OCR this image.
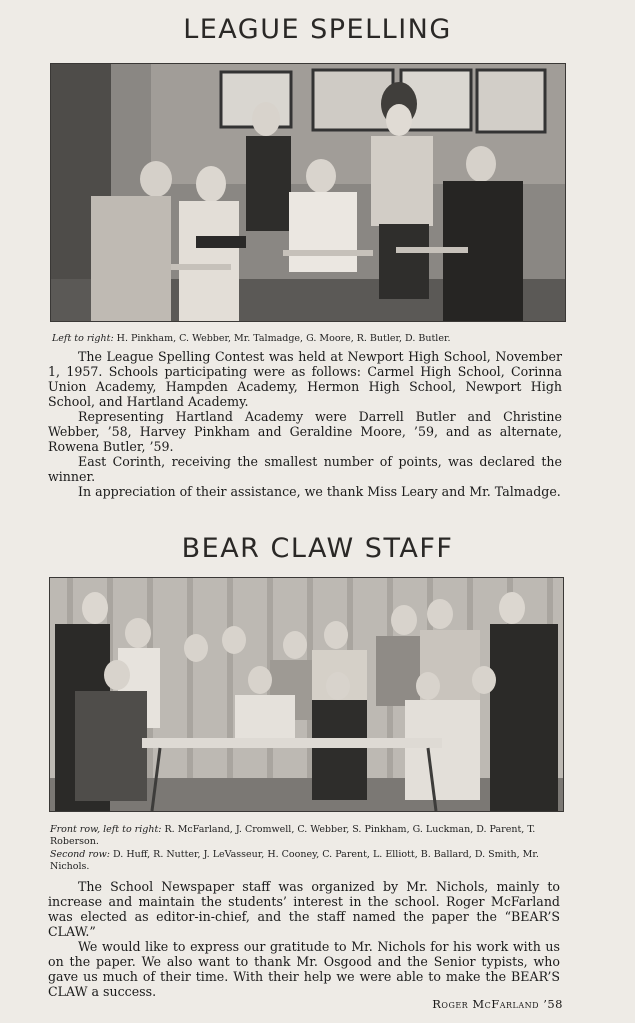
LEAGUE SPELLING
Left to right: H. Pinkham, C. Webber, Mr. Talmadge, G. Moore, R. Butler, D. Butler.

The League Spelling Contest was held at Newport High School, November 1, 1957. Schools participating were as follows: Carmel High School, Corinna Union Academy, Hampden Academy, Hermon High School, Newport High School, and Hartland Academy.

Representing Hartland Academy were Darrell Butler and Christine Webber, ’58, Harvey Pinkham and Geraldine Moore, ’59, and as alternate, Rowena Butler, ’59.

East Corinth, receiving the smallest number of points, was declared the winner.

In appreciation of their assistance, we thank Miss Leary and Mr. Talmadge.

BEAR CLAW STAFF
Front row, left to right: R. McFarland, J. Cromwell, C. Webber, S. Pinkham, G. Luckman, D. Parent, T. Roberson.
Second row: D. Huff, R. Nutter, J. LeVasseur, H. Cooney, C. Parent, L. Elliott, B. Ballard, D. Smith, Mr. Nichols.

The School Newspaper staff was organized by Mr. Nichols, mainly to increase and maintain the students’ interest in the school. Roger McFarland was elected as editor-in-chief, and the staff named the paper the “BEAR’S CLAW.”

We would like to express our gratitude to Mr. Nichols for his work with us on the paper. We also want to thank Mr. Osgood and the Senior typists, who gave us much of their time. With their help we were able to make the BEAR’S CLAW a success.

Roger McFarland ’58
